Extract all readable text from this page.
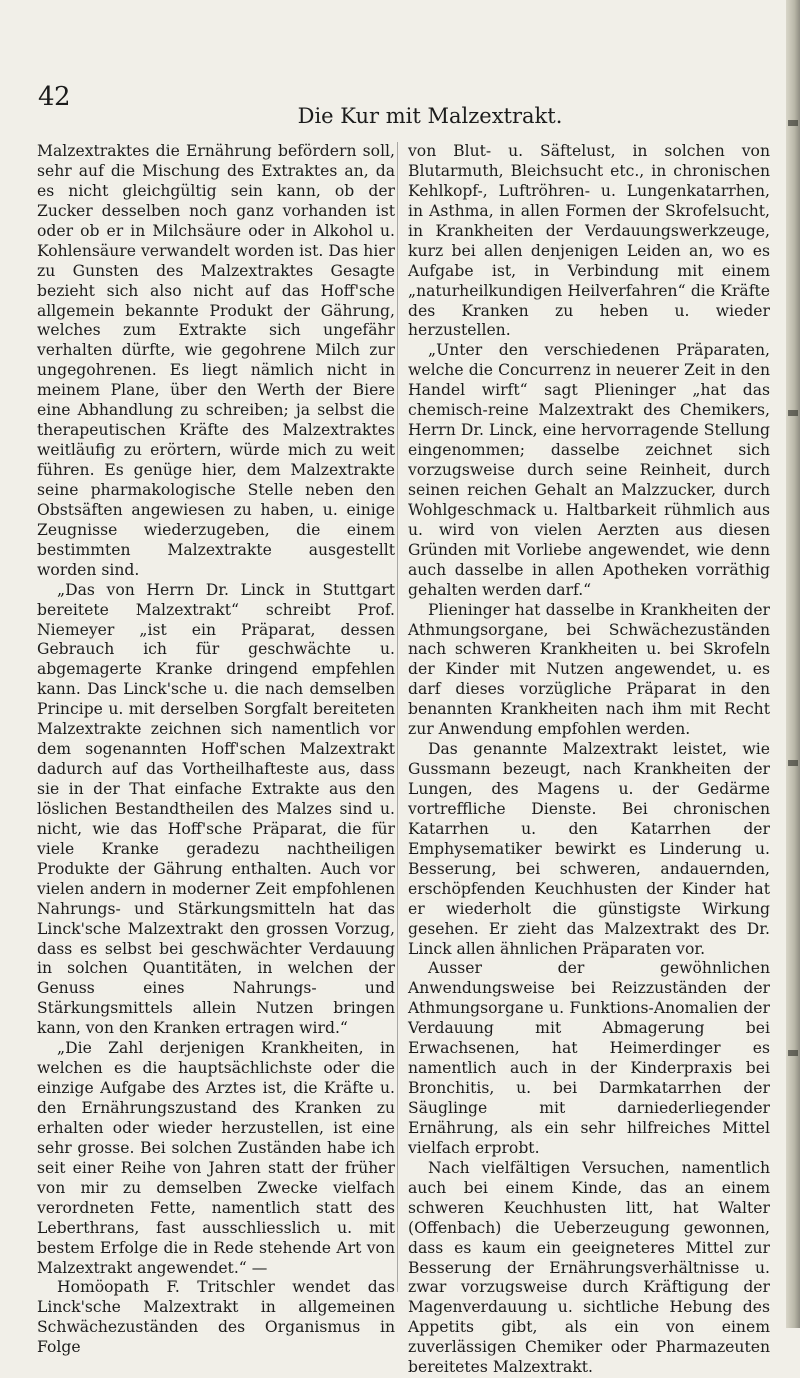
42
Die Kur mit Malzextrakt.

Malzextraktes die Ernährung befördern soll, sehr auf die Mischung des Extraktes an, da es nicht gleichgültig sein kann, ob der Zucker desselben noch ganz vorhanden ist oder ob er in Milchsäure oder in Alkohol u. Kohlensäure verwandelt worden ist. Das hier zu Gunsten des Malzextraktes Gesagte bezieht sich also nicht auf das Hoff'sche allgemein bekannte Produkt der Gährung, welches zum Extrakte sich ungefähr verhalten dürfte, wie gegohrene Milch zur ungegohrenen. Es liegt nämlich nicht in meinem Plane, über den Werth der Biere eine Abhandlung zu schreiben; ja selbst die therapeutischen Kräfte des Malzextraktes weitläufig zu erörtern, würde mich zu weit führen. Es genüge hier, dem Malzextrakte seine pharmakologische Stelle neben den Obstsäften angewiesen zu haben, u. einige Zeugnisse wiederzugeben, die einem bestimmten Malzextrakte ausgestellt worden sind.

„Das von Herrn Dr. Linck in Stuttgart bereitete Malzextrakt“ schreibt Prof. Niemeyer „ist ein Präparat, dessen Gebrauch ich für geschwächte u. abgemagerte Kranke dringend empfehlen kann. Das Linck'sche u. die nach demselben Principe u. mit derselben Sorgfalt bereiteten Malzextrakte zeichnen sich namentlich vor dem sogenannten Hoff'schen Malzextrakt dadurch auf das Vortheilhafteste aus, dass sie in der That einfache Extrakte aus den löslichen Bestandtheilen des Malzes sind u. nicht, wie das Hoff'sche Präparat, die für viele Kranke geradezu nachtheiligen Produkte der Gährung enthalten. Auch vor vielen andern in moderner Zeit empfohlenen Nahrungs- und Stärkungsmitteln hat das Linck'sche Malzextrakt den grossen Vorzug, dass es selbst bei geschwächter Verdauung in solchen Quantitäten, in welchen der Genuss eines Nahrungs- und Stärkungsmittels allein Nutzen bringen kann, von den Kranken ertragen wird.“

„Die Zahl derjenigen Krankheiten, in welchen es die hauptsächlichste oder die einzige Aufgabe des Arztes ist, die Kräfte u. den Ernährungszustand des Kranken zu erhalten oder wieder herzustellen, ist eine sehr grosse. Bei solchen Zuständen habe ich seit einer Reihe von Jahren statt der früher von mir zu demselben Zwecke vielfach verordneten Fette, namentlich statt des Leberthrans, fast ausschliesslich u. mit bestem Erfolge die in Rede stehende Art von Malzextrakt angewendet.“ —

Homöopath F. Tritschler wendet das Linck'sche Malzextrakt in allgemeinen Schwächezuständen des Organismus in Folge

von Blut- u. Säftelust, in solchen von Blutarmuth, Bleichsucht etc., in chronischen Kehlkopf-, Luftröhren- u. Lungenkatarrhen, in Asthma, in allen Formen der Skrofelsucht, in Krankheiten der Verdauungswerkzeuge, kurz bei allen denjenigen Leiden an, wo es Aufgabe ist, in Verbindung mit einem „naturheilkundigen Heilverfahren“ die Kräfte des Kranken zu heben u. wieder herzustellen.

„Unter den verschiedenen Präparaten, welche die Concurrenz in neuerer Zeit in den Handel wirft“ sagt Plieninger „hat das chemisch-reine Malzextrakt des Chemikers, Herrn Dr. Linck, eine hervorragende Stellung eingenommen; dasselbe zeichnet sich vorzugsweise durch seine Reinheit, durch seinen reichen Gehalt an Malzzucker, durch Wohlgeschmack u. Haltbarkeit rühmlich aus u. wird von vielen Aerzten aus diesen Gründen mit Vorliebe angewendet, wie denn auch dasselbe in allen Apotheken vorräthig gehalten werden darf.“

Plieninger hat dasselbe in Krankheiten der Athmungsorgane, bei Schwächezuständen nach schweren Krankheiten u. bei Skrofeln der Kinder mit Nutzen angewendet, u. es darf dieses vorzügliche Präparat in den benannten Krankheiten nach ihm mit Recht zur Anwendung empfohlen werden.

Das genannte Malzextrakt leistet, wie Gussmann bezeugt, nach Krankheiten der Lungen, des Magens u. der Gedärme vortreffliche Dienste. Bei chronischen Katarrhen u. den Katarrhen der Emphysematiker bewirkt es Linderung u. Besserung, bei schweren, andauernden, erschöpfenden Keuchhusten der Kinder hat er wiederholt die günstigste Wirkung gesehen. Er zieht das Malzextrakt des Dr. Linck allen ähnlichen Präparaten vor.

Ausser der gewöhnlichen Anwendungsweise bei Reizzuständen der Athmungsorgane u. Funktions-Anomalien der Verdauung mit Abmagerung bei Erwachsenen, hat Heimerdinger es namentlich auch in der Kinderpraxis bei Bronchitis, u. bei Darmkatarrhen der Säuglinge mit darniederliegender Ernährung, als ein sehr hilfreiches Mittel vielfach erprobt.

Nach vielfältigen Versuchen, namentlich auch bei einem Kinde, das an einem schweren Keuchhusten litt, hat Walter (Offenbach) die Ueberzeugung gewonnen, dass es kaum ein geeigneteres Mittel zur Besserung der Ernährungsverhältnisse u. zwar vorzugsweise durch Kräftigung der Magenverdauung u. sichtliche Hebung des Appetits gibt, als ein von einem zuverlässigen Chemiker oder Pharmazeuten bereitetes Malzextrakt.
